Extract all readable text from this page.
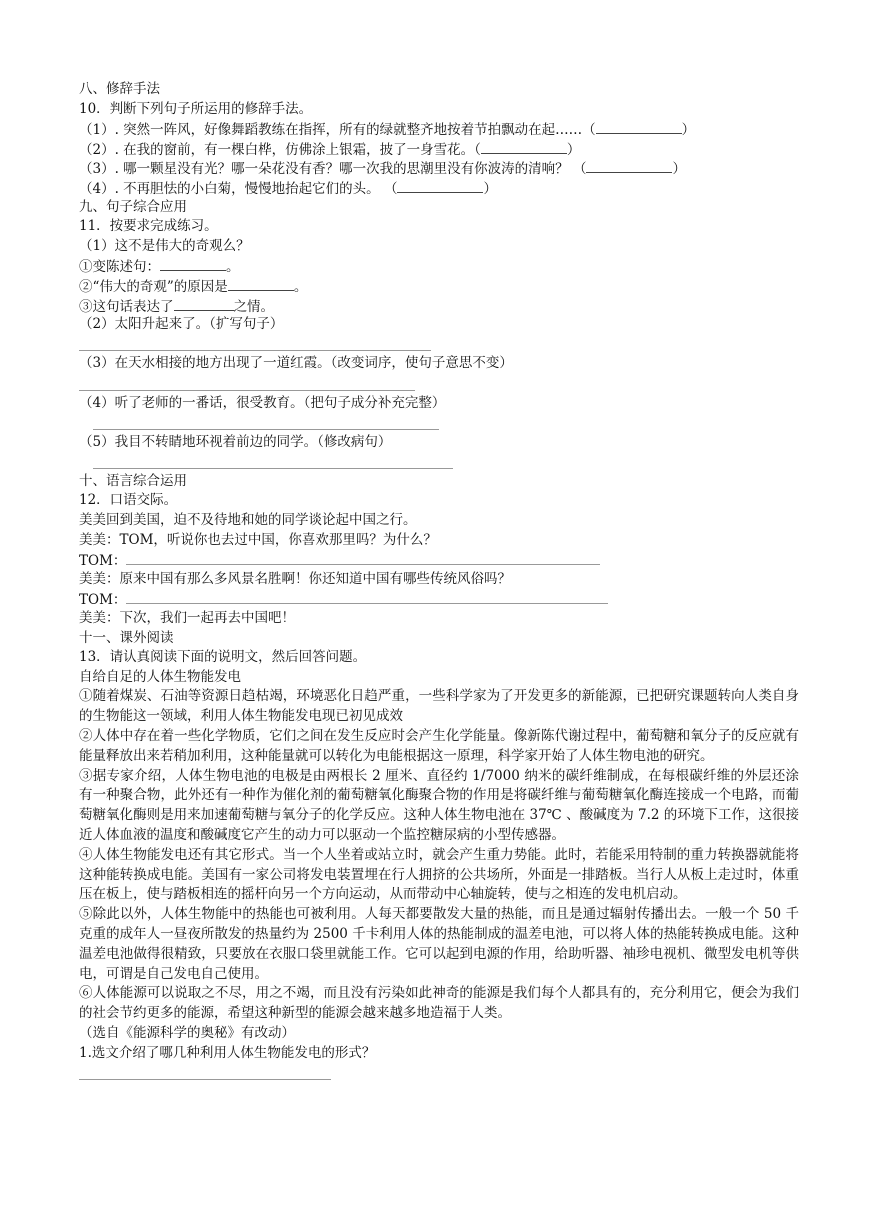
八、修辞手法
10．判断下列句子所运用的修辞手法。
（1）. 突然一阵风，好像舞蹈教练在指挥，所有的绿就整齐地按着节拍飘动在起……（	）
（2）. 在我的窗前，有一棵白桦，仿佛涂上银霜，披了一身雪花。（	）
（3）. 哪一颗星没有光？哪一朵花没有香？哪一次我的思潮里没有你波涛的清响？ （	）
（4）. 不再胆怯的小白菊，慢慢地抬起它们的头。 （	）
九、句子综合应用
11．按要求完成练习。
（1）这不是伟大的奇观么？
①变陈述句：	。
②“伟大的奇观”的原因是	。
③这句话表达了	之情。
（2）太阳升起来了。（扩写句子）
（3）在天水相接的地方出现了一道红霞。（改变词序，使句子意思不变）
（4）听了老师的一番话，很受教育。（把句子成分补充完整）
（5）我目不转睛地环视着前边的同学。（修改病句）
十、语言综合运用
12．口语交际。
美美回到美国，迫不及待地和她的同学谈论起中国之行。
美美：TOM，听说你也去过中国，你喜欢那里吗？为什么？
TOM：
美美：原来中国有那么多风景名胜啊！你还知道中国有哪些传统风俗吗？
TOM：
美美：下次，我们一起再去中国吧！
十一、课外阅读
13．请认真阅读下面的说明文，然后回答问题。
自给自足的人体生物能发电
①随着煤炭、石油等资源日趋枯竭，环境恶化日趋严重，一些科学家为了开发更多的新能源，已把研究课题转向人类自身的生物能这一领域，利用人体生物能发电现已初见成效
②人体中存在着一些化学物质，它们之间在发生反应时会产生化学能量。像新陈代谢过程中，葡萄糖和氧分子的反应就有能量释放出来若稍加利用，这种能量就可以转化为电能根据这一原理，科学家开始了人体生物电池的研究。
③据专家介绍，人体生物电池的电极是由两根长 2 厘米、直径约 1/7000 纳米的碳纤维制成，在每根碳纤维的外层还涂有一种聚合物，此外还有一种作为催化剂的葡萄糖氧化酶聚合物的作用是将碳纤维与葡萄糖氧化酶连接成一个电路，而葡萄糖氧化酶则是用来加速葡萄糖与氧分子的化学反应。这种人体生物电池在 37℃ 、酸碱度为 7.2 的环境下工作，这很接近人体血液的温度和酸碱度它产生的动力可以驱动一个监控糖尿病的小型传感器。
④人体生物能发电还有其它形式。当一个人坐着或站立时，就会产生重力势能。此时，若能采用特制的重力转换器就能将这种能转换成电能。美国有一家公司将发电装置埋在行人拥挤的公共场所，外面是一排踏板。当行人从板上走过时，体重压在板上，使与踏板相连的摇杆向另一个方向运动，从而带动中心轴旋转，使与之相连的发电机启动。
⑤除此以外，人体生物能中的热能也可被利用。人每天都要散发大量的热能，而且是通过辐射传播出去。一般一个 50 千克重的成年人一昼夜所散发的热量约为 2500 千卡利用人体的热能制成的温差电池，可以将人体的热能转换成电能。这种温差电池做得很精致，只要放在衣服口袋里就能工作。它可以起到电源的作用，给助听器、袖珍电视机、微型发电机等供电，可谓是自己发电自己使用。
⑥人体能源可以说取之不尽，用之不竭，而且没有污染如此神奇的能源是我们每个人都具有的，充分利用它，便会为我们的社会节约更多的能源，希望这种新型的能源会越来越多地造福于人类。
（选自《能源科学的奥秘》有改动）
1.选文介绍了哪几种利用人体生物能发电的形式？
